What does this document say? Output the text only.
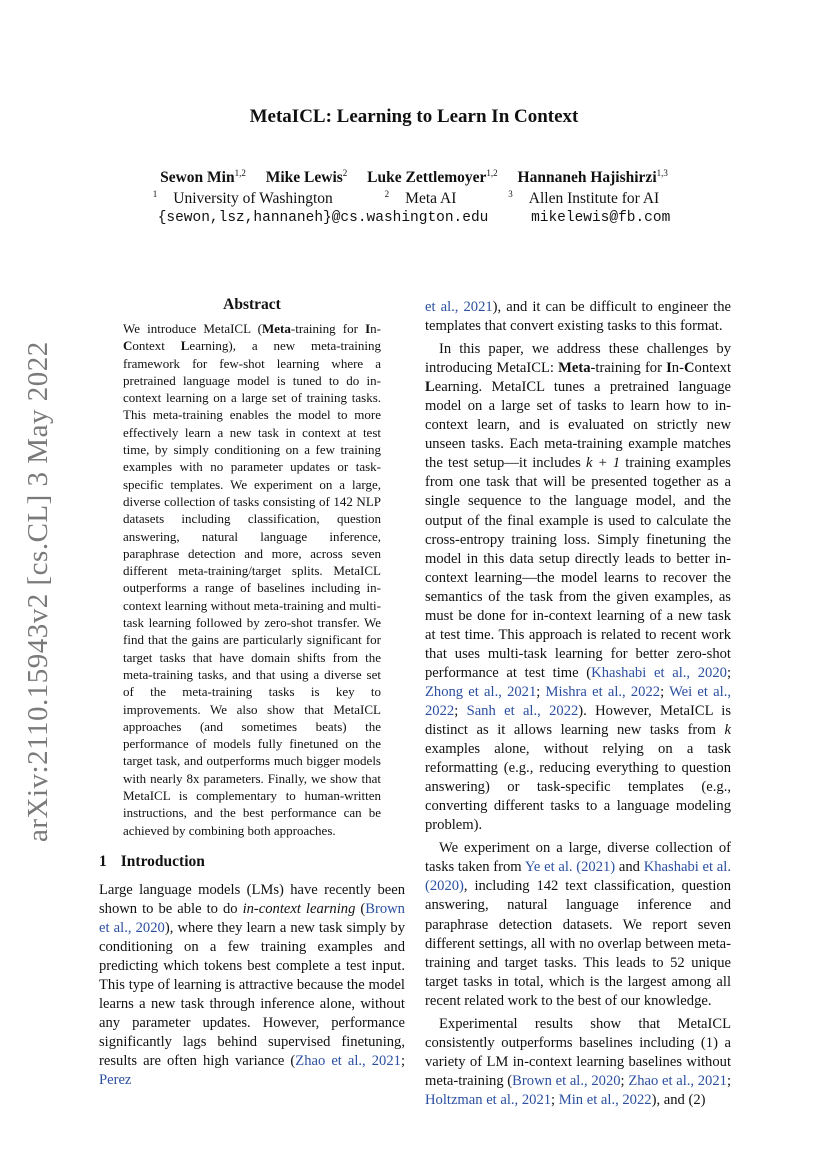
MetaICL: Learning to Learn In Context
Sewon Min$^{1,2}$ Mike Lewis$^2$ Luke Zettlemoyer$^{1,2}$ Hannaneh Hajishirzi$^{1,3}$
$^1$ University of Washington	$^2$ Meta AI	$^3$ Allen Institute for AI
{sewon,lsz,hannaneh}@cs.washington.edu	mikelewis@fb.com
arXiv:2110.15943v2 [cs.CL] 3 May 2022
Abstract
We introduce MetaICL (Meta-training for In-Context Learning), a new meta-training framework for few-shot learning where a pretrained language model is tuned to do in-context learning on a large set of training tasks. This meta-training enables the model to more effectively learn a new task in context at test time, by simply conditioning on a few training examples with no parameter updates or task-specific templates. We experiment on a large, diverse collection of tasks consisting of 142 NLP datasets including classification, question answering, natural language inference, paraphrase detection and more, across seven different meta-training/target splits. MetaICL outperforms a range of baselines including in-context learning without meta-training and multi-task learning followed by zero-shot transfer. We find that the gains are particularly significant for target tasks that have domain shifts from the meta-training tasks, and that using a diverse set of the meta-training tasks is key to improvements. We also show that MetaICL approaches (and sometimes beats) the performance of models fully finetuned on the target task, and outperforms much bigger models with nearly 8x parameters. Finally, we show that MetaICL is complementary to human-written instructions, and the best performance can be achieved by combining both approaches.
1 Introduction

Large language models (LMs) have recently been shown to be able to do in-context learning (Brown et al., 2020), where they learn a new task simply by conditioning on a few training examples and predicting which tokens best complete a test input. This type of learning is attractive because the model learns a new task through inference alone, without any parameter updates. However, performance significantly lags behind supervised finetuning, results are often high variance (Zhao et al., 2021; Perez

et al., 2021), and it can be difficult to engineer the templates that convert existing tasks to this format.

In this paper, we address these challenges by introducing MetaICL: Meta-training for In-Context Learning. MetaICL tunes a pretrained language model on a large set of tasks to learn how to in-context learn, and is evaluated on strictly new unseen tasks. Each meta-training example matches the test setup—it includes k + 1 training examples from one task that will be presented together as a single sequence to the language model, and the output of the final example is used to calculate the cross-entropy training loss. Simply finetuning the model in this data setup directly leads to better in-context learning—the model learns to recover the semantics of the task from the given examples, as must be done for in-context learning of a new task at test time. This approach is related to recent work that uses multi-task learning for better zero-shot performance at test time (Khashabi et al., 2020; Zhong et al., 2021; Mishra et al., 2022; Wei et al., 2022; Sanh et al., 2022). However, MetaICL is distinct as it allows learning new tasks from k examples alone, without relying on a task reformatting (e.g., reducing everything to question answering) or task-specific templates (e.g., converting different tasks to a language modeling problem).

We experiment on a large, diverse collection of tasks taken from Ye et al. (2021) and Khashabi et al. (2020), including 142 text classification, question answering, natural language inference and paraphrase detection datasets. We report seven different settings, all with no overlap between meta-training and target tasks. This leads to 52 unique target tasks in total, which is the largest among all recent related work to the best of our knowledge.

Experimental results show that MetaICL consistently outperforms baselines including (1) a variety of LM in-context learning baselines without meta-training (Brown et al., 2020; Zhao et al., 2021; Holtzman et al., 2021; Min et al., 2022), and (2)
